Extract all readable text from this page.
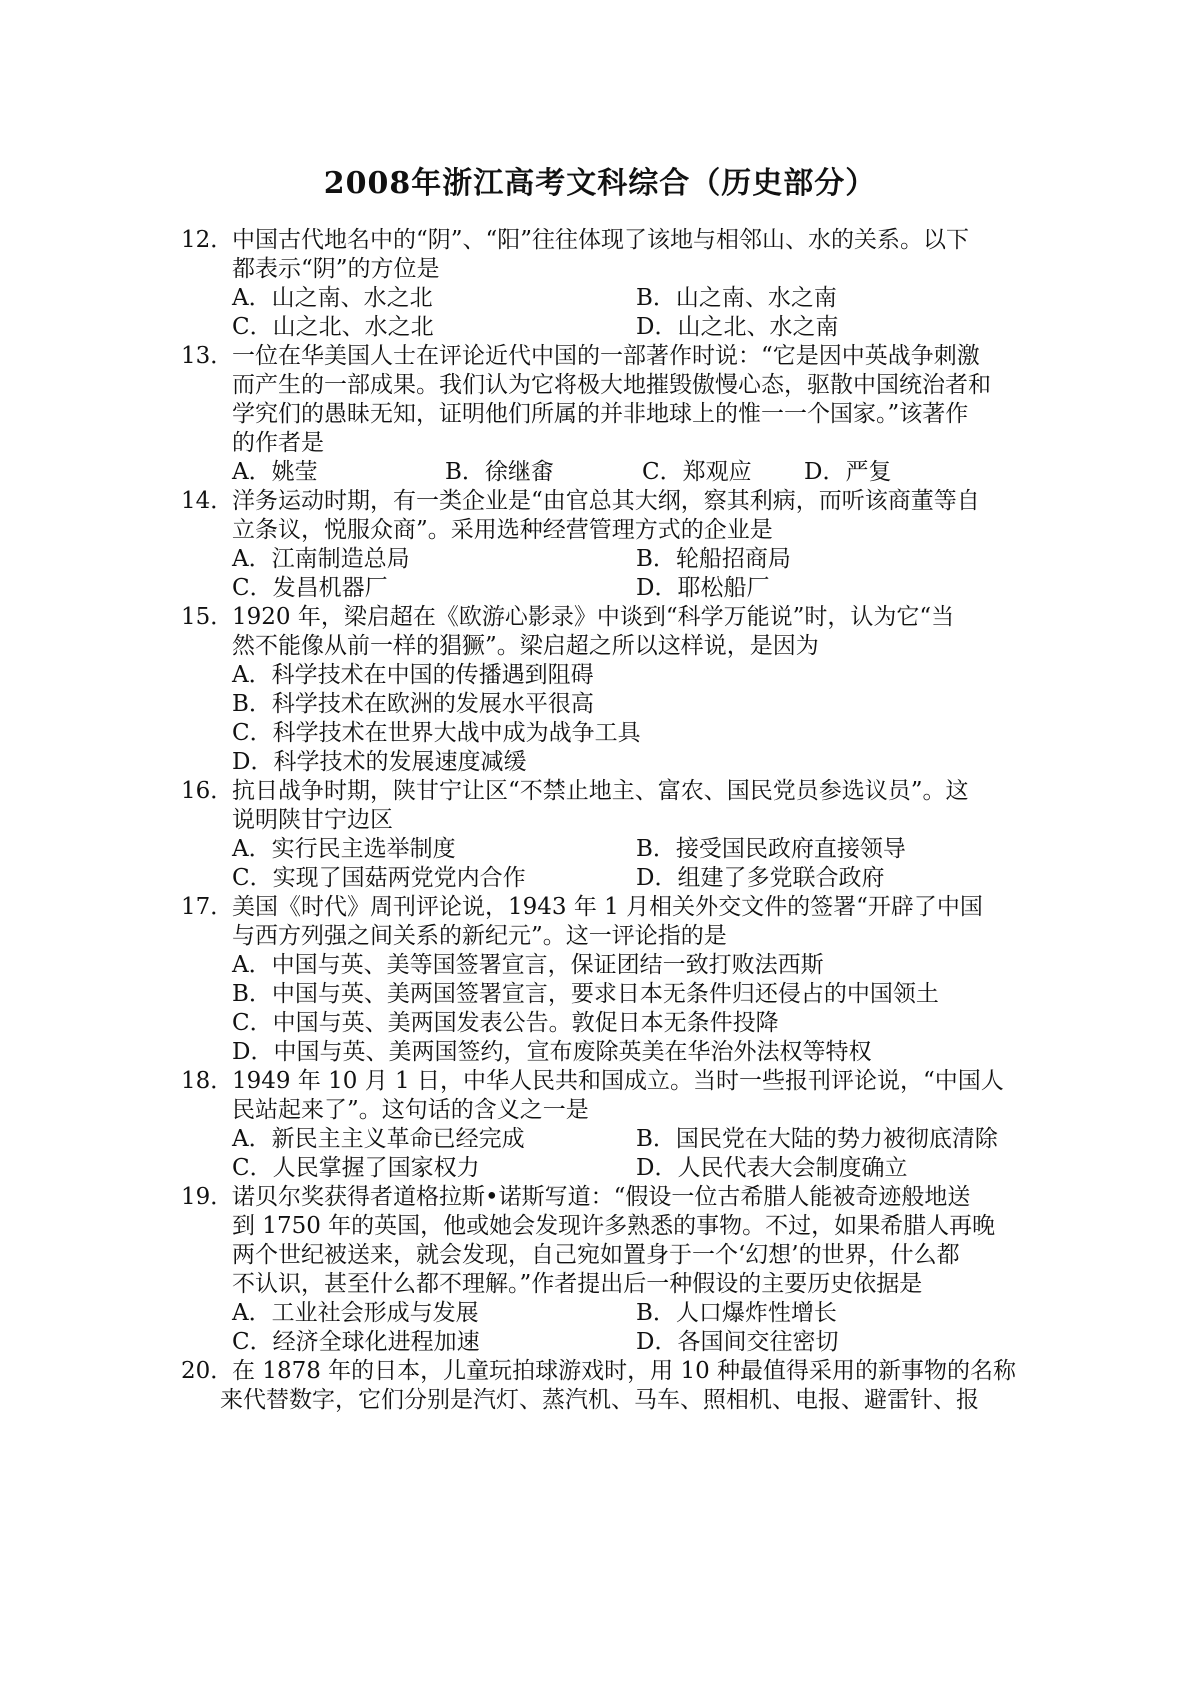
2008年浙江高考文科综合（历史部分）
12．
中国古代地名中的“阴”、“阳”往往体现了该地与相邻山、水的关系。以下
都表示“阴”的方位是
A．山之南、水之北	B．山之南、水之南
C．山之北、水之北	D．山之北、水之南
13．
一位在华美国人士在评论近代中国的一部著作时说：“它是因中英战争刺激
而产生的一部成果。我们认为它将极大地摧毁傲慢心态，驱散中国统治者和
学究们的愚昧无知，证明他们所属的并非地球上的惟一一个国家。”该著作
的作者是
A．姚莹	B．徐继畬	C．郑观应 D．严复
14．
洋务运动时期，有一类企业是“由官总其大纲，察其利病，而听该商董等自
立条议，悦服众商”。采用选种经营管理方式的企业是
A．江南制造总局	B．轮船招商局
C．发昌机器厂	D．耶松船厂
15．
1920 年，梁启超在《欧游心影录》中谈到“科学万能说”时，认为它“当
然不能像从前一样的猖獗”。梁启超之所以这样说，是因为
A．科学技术在中国的传播遇到阻碍
B．科学技术在欧洲的发展水平很高
C．科学技术在世界大战中成为战争工具
D．科学技术的发展速度减缓
16．
抗日战争时期，陕甘宁让区“不禁止地主、富农、国民党员参选议员”。这
说明陕甘宁边区
A．实行民主选举制度	B．接受国民政府直接领导
C．实现了国菇两党党内合作	D．组建了多党联合政府
17．
美国《时代》周刊评论说，1943 年 1 月相关外交文件的签署“开辟了中国
与西方列强之间关系的新纪元”。这一评论指的是
A．中国与英、美等国签署宣言，保证团结一致打败法西斯
B．中国与英、美两国签署宣言，要求日本无条件归还侵占的中国领土
C．中国与英、美两国发表公告。敦促日本无条件投降
D．中国与英、美两国签约，宣布废除英美在华治外法权等特权
18．
1949 年 10 月 1 日，中华人民共和国成立。当时一些报刊评论说，“中国人
民站起来了”。这句话的含义之一是
A．新民主主义革命已经完成	B．国民党在大陆的势力被彻底清除
C．人民掌握了国家权力	D．人民代表大会制度确立
19．
诺贝尔奖获得者道格拉斯•诺斯写道：“假设一位古希腊人能被奇迹般地送
到 1750 年的英国，他或她会发现许多熟悉的事物。不过，如果希腊人再晚
两个世纪被送来，就会发现，自己宛如置身于一个‘幻想’的世界，什么都
不认识，甚至什么都不理解。”作者提出后一种假设的主要历史依据是
A．工业社会形成与发展	B．人口爆炸性增长
C．经济全球化进程加速	D．各国间交往密切
20．
在 1878 年的日本，儿童玩拍球游戏时，用 10 种最值得采用的新事物的名称
来代替数字，它们分别是汽灯、蒸汽机、马车、照相机、电报、避雷针、报
